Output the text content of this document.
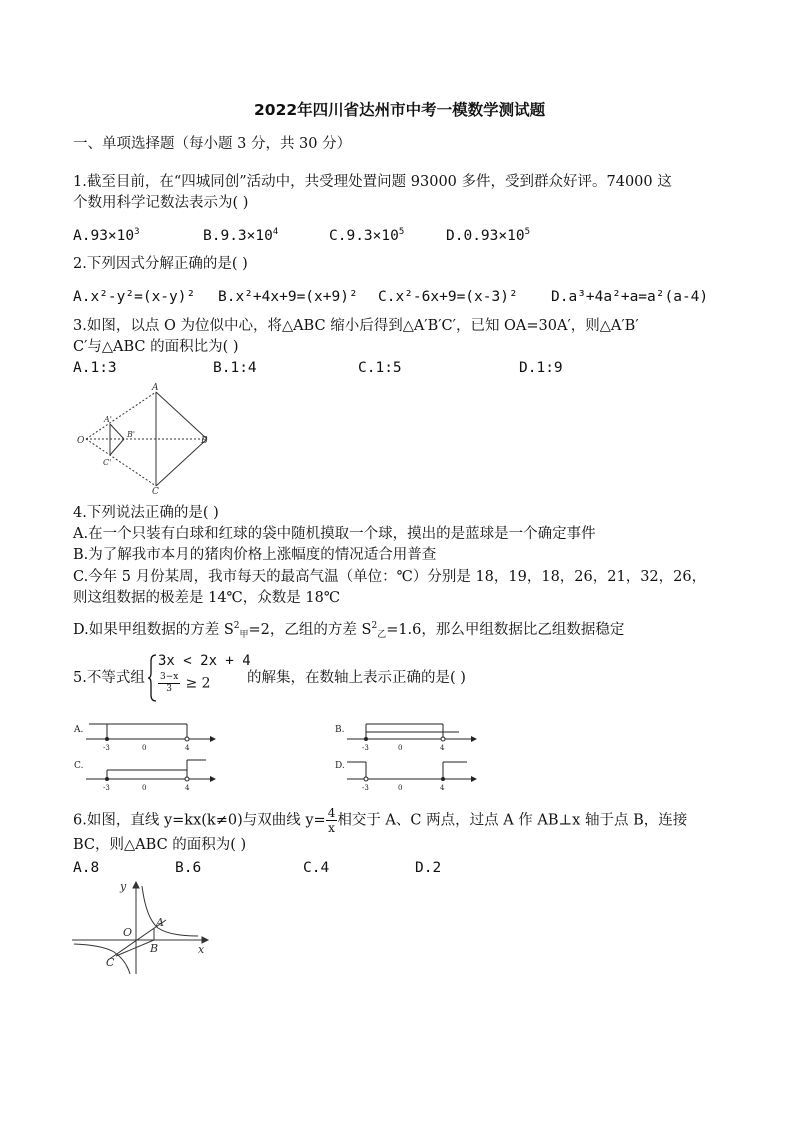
2022年四川省达州市中考一模数学测试题
一、单项选择题（每小题 3 分，共 30 分）
1.截至目前，在“四城同创”活动中，共受理处置问题 93000 多件，受到群众好评。74000 这
个数用科学记数法表示为( )
$A.93\times 10^3$	$B.9.3\times 10^4$	$C.9.3\times 10^5$	$D.0.93\times 10^5$
2.下列因式分解正确的是( )
A.x²-y²=(x-y)² B.x²+4x+9=(x+9)² C.x²-6x+9=(x-3)² D.a³+4a²+a=a²(a-4)
3.如图，以点 O 为位似中心，将△ABC 缩小后得到△A′B′C′，已知 OA=30A′，则△A′B′
C′与△ABC 的面积比为( )
A.1:3	B.1:4	C.1:5	D.1:9
A
B
C
O
A'
B'
C'
4.下列说法正确的是( )
A.在一个只装有白球和红球的袋中随机摸取一个球，摸出的是蓝球是一个确定事件
B.为了解我市本月的猪肉价格上涨幅度的情况适合用普查
C.今年 5 月份某周，我市每天的最高气温（单位：℃）分别是 18，19，18，26，21，32，26，
则这组数据的极差是 14℃，众数是 18℃
D.如果甲组数据的方差 $S^2_甲=2$，乙组的方差 $S^2_乙=1.6$，那么甲组数据比乙组数据稳定
5.不等式组
3x < 2x + 4
$\frac{3-x}{3} \ge 2$	的解集，在数轴上表示正确的是( )
A.
-3	0	4
B.
-3	0	4
C.
-3	0	4
D.
-3	0	4
6.如图，直线 y=kx(k≠0)与双曲线 $y= \frac{4}{x}$ 相交于 A、C 两点，过点 A 作 AB⊥x 轴于点 B，连接
BC，则△ABC 的面积为( )
A.8	B.6	C.4	D.2
y
x
O
A
B
C
